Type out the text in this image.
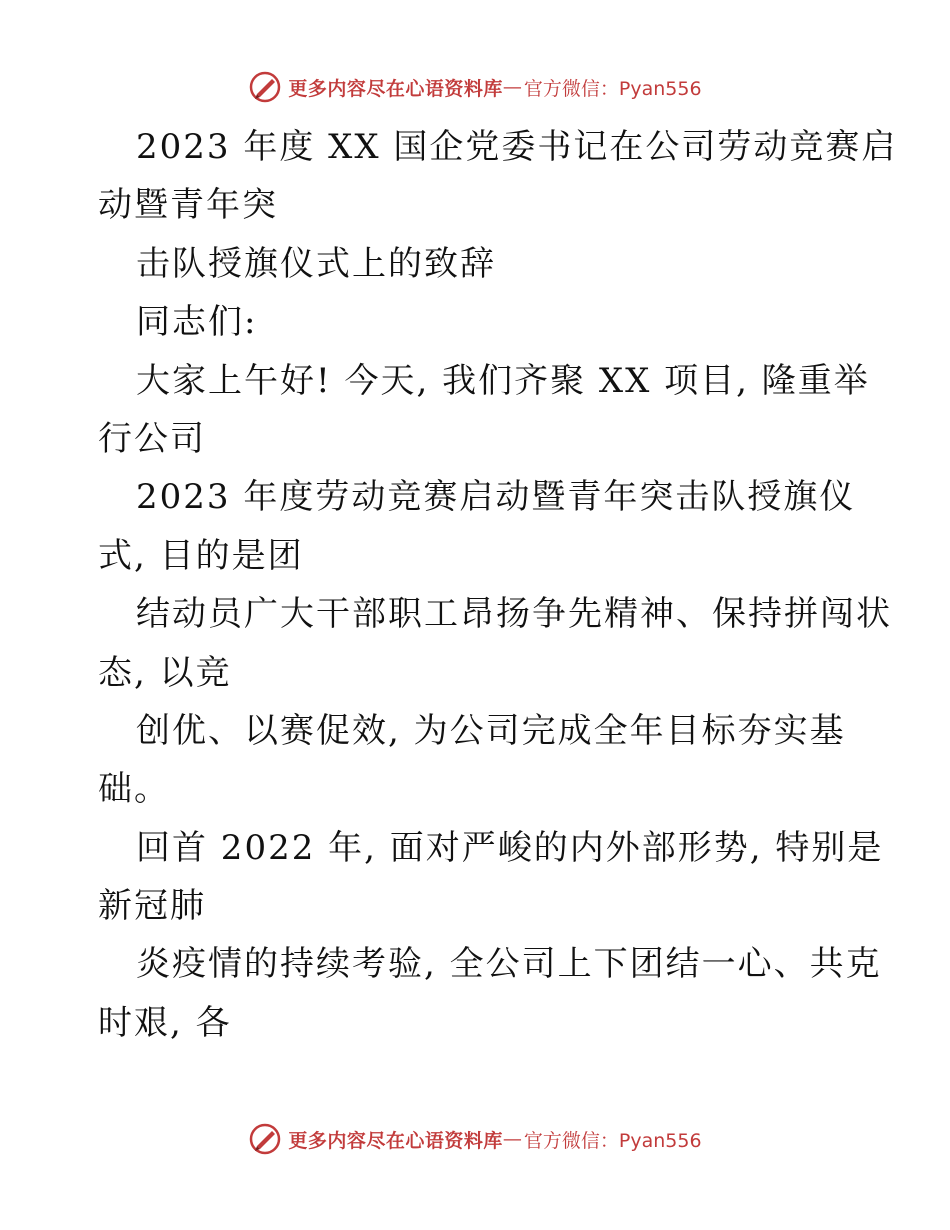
更多内容尽在心语资料库 — 官方微信：Pyan556
2023 年度 XX 国企党委书记在公司劳动竞赛启
动暨青年突
击队授旗仪式上的致辞
同志们:
大家上午好! 今天, 我们齐聚 XX 项目, 隆重举
行公司
2023 年度劳动竞赛启动暨青年突击队授旗仪
式, 目的是团
结动员广大干部职工昂扬争先精神、保持拼闯状
态, 以竞
创优、以赛促效, 为公司完成全年目标夯实基
础。
回首 2022 年, 面对严峻的内外部形势, 特别是
新冠肺
炎疫情的持续考验, 全公司上下团结一心、共克
时艰, 各
更多内容尽在心语资料库 — 官方微信：Pyan556
